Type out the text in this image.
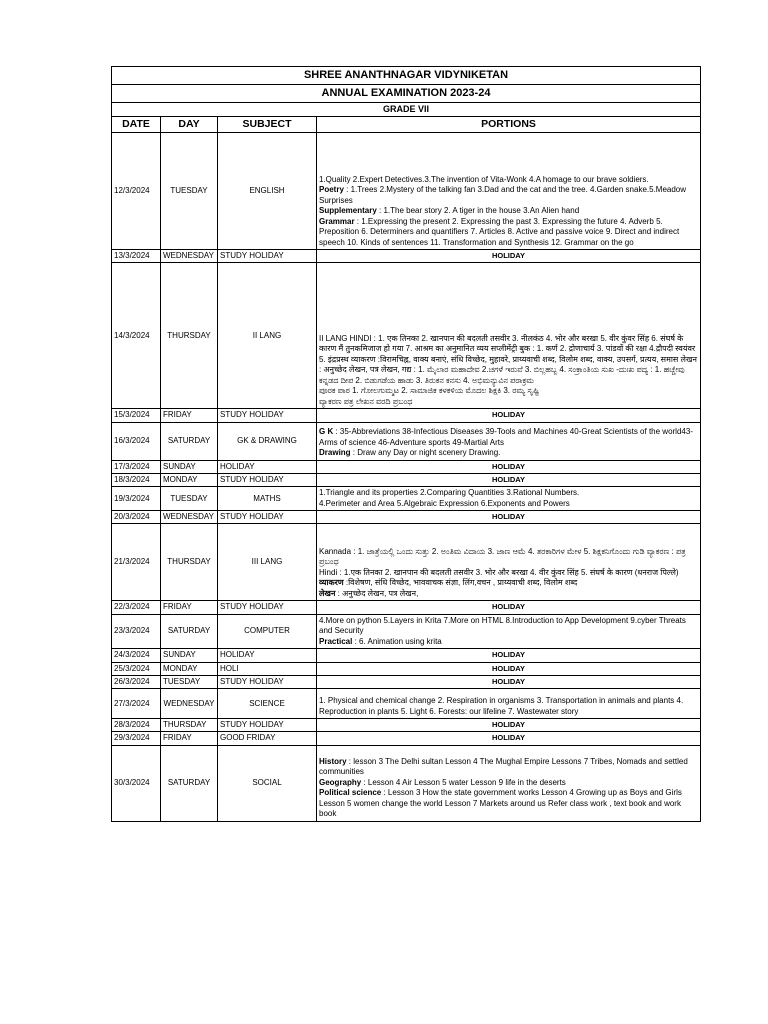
SHREE ANANTHNAGAR VIDYNIKETAN			
ANNUAL EXAMINATION 2023-24			
GRADE VII			
DATE	DAY	SUBJECT	PORTIONS
12/3/2024	TUESDAY	ENGLISH	1.Quality 2.Expert Detectives.3.The invention of Vita-Wonk 4.A homage to our brave soldiers.
Poetry : 1.Trees 2.Mystery of the talking fan 3.Dad and the cat and the tree. 4.Garden snake.5.Meadow Surprises
Supplementary : 1.The bear story 2. A tiger in the house 3.An Alien hand
Grammar : 1.Expressing the present 2. Expressing the past 3. Expressing the future 4. Adverb 5. Preposition 6. Determiners and quantifiers 7. Articles 8. Active and passive voice 9. Direct and indirect speech 10. Kinds of sentences 11. Transformation and Synthesis 12. Grammar on the go

13/3/2024	WEDNESDAY	STUDY HOLIDAY	HOLIDAY
14/3/2024	THURSDAY	II LANG	II LANG HINDI : 1. एक तिनका 2. खानपान की बदलती तसवीर 3. नीलकंठ 4. भोर और बरखा 5. वीर कुंवर सिंह 6. संघर्ष के कारण मैं तुनकमिजाज हो गया 7. आश्रम का अनुमानित व्यय सप्लीमेंट्री बुक : 1. कर्ण 2. द्रोणाचार्य 3. पांडवों की रक्षा 4.द्रौपदी स्वयंवर 5. इंद्रप्रस्थ व्याकरण :विरामचिह्न, वाक्य बनाएं, संधि विच्छेद, मुहावरे, प्राय्यवाची शब्द, विलोम शब्द, वाक्य, उपसर्ग, प्रत्यय, समास लेखन : अनुच्छेद लेखन, पत्र लेखन, गद्य : 1. ಮೈಲಾರ ಮಹಾದೇವ 2.ಚಗಳೆ ಇರುವೆ 3. ಬಿಲ್ಲಹಬ್ಬ 4. ಸಂಕ್ರಾಂತಿಯ ಸುಖ -ದುಃಖ ಪದ್ಯ : 1. ಹಚ್ಚೇವು ಕನ್ನಡದ ದೀಪ 2. ಬಿಡುಗಡೆಯ ಹಾಡು 3. ತಿರುಕನ ಕನಸು 4. ಅಭಿಮನ್ಯುವಿನ ಪರಾಕ್ರಮ
ಪೂರಕ ಪಾಠ 1. ಗೋಲಗುಮ್ಮಟ 2. ಸಾಮಾಜಿಕ ಕಳಕಳಿಯ ಮೊದಲ ಶಿಕ್ಷಕಿ 3. ರಮ್ಯ ಸೃಷ್ಟಿ
ವ್ಯಾಕರಣ ಪತ್ರ ಲೇಖನ ವರದಿ ಪ್ರಬಂಧ

15/3/2024	FRIDAY	STUDY HOLIDAY	HOLIDAY
16/3/2024	SATURDAY	GK & DRAWING	G K : 35-Abbreviations 38-Infectious Diseases 39-Tools and Machines 40-Great Scientists of the world43-Arms of science 46-Adventure sports 49-Martial Arts
Drawing : Draw any Day or night scenery Drawing.

17/3/2024	SUNDAY	HOLIDAY	HOLIDAY
18/3/2024	MONDAY	STUDY HOLIDAY	HOLIDAY
19/3/2024	TUESDAY	MATHS	1.Triangle and its properties 2.Comparing Quantities 3.Rational Numbers.
4.Perimeter and Area 5.Algebraic Expression 6.Exponents and Powers

20/3/2024	WEDNESDAY	STUDY HOLIDAY	HOLIDAY
21/3/2024	THURSDAY	III LANG	Kannada : 1. ಜಾತ್ರೆಯಲ್ಲಿ ಒಂದು ಸುತ್ತು 2. ಅಂತಿಮ ವಿದಾಯ 3. ಜಾಣ ಆಮೆ 4. ತರಕಾರಿಗಳ ಮೇಳ 5. ಶಿಕ್ಷಕನಿಗೊಂದು ಗುಡಿ ವ್ಯಾಕರಣ : ಪತ್ರ ಪ್ರಬಂಧ
Hindi : 1.एक तिनका 2. खानपान की बदलती तसवीर 3. भोर और बरखा 4. वीर कुंवर सिंह 5. संघर्ष के कारण (धनराज पिल्ले)
व्याकरण :विशेषण, संधि विच्छेद, भाववाचक संज्ञा, लिंग,वचन , प्राय्यवाची शब्द, विलोम शब्द
लेखन : अनुच्छेद लेखन, पत्र लेखन,

22/3/2024	FRIDAY	STUDY HOLIDAY	HOLIDAY
23/3/2024	SATURDAY	COMPUTER	4.More on python 5.Layers in Krita 7.More on HTML 8.Introduction to App Development 9.cyber Threats and Security
Practical : 6. Animation using krita

24/3/2024	SUNDAY	HOLIDAY	HOLIDAY
25/3/2024	MONDAY	HOLI	HOLIDAY
26/3/2024	TUESDAY	STUDY HOLIDAY	HOLIDAY
27/3/2024	WEDNESDAY	SCIENCE	1. Physical and chemical change 2. Respiration in organisms 3. Transportation in animals and plants 4. Reproduction in plants 5. Light 6. Forests: our lifeline 7. Wastewater story

28/3/2024	THURSDAY	STUDY HOLIDAY	HOLIDAY
29/3/2024	FRIDAY	GOOD FRIDAY	HOLIDAY
30/3/2024	SATURDAY	SOCIAL	History : lesson 3 The Delhi sultan Lesson 4 The Mughal Empire Lessons 7 Tribes, Nomads and settled communities
Geography : Lesson 4 Air Lesson 5 water Lesson 9 life in the deserts
Political science : Lesson 3 How the state government works Lesson 4 Growing up as Boys and Girls Lesson 5 women change the world Lesson 7 Markets around us Refer class work , text book and work book
